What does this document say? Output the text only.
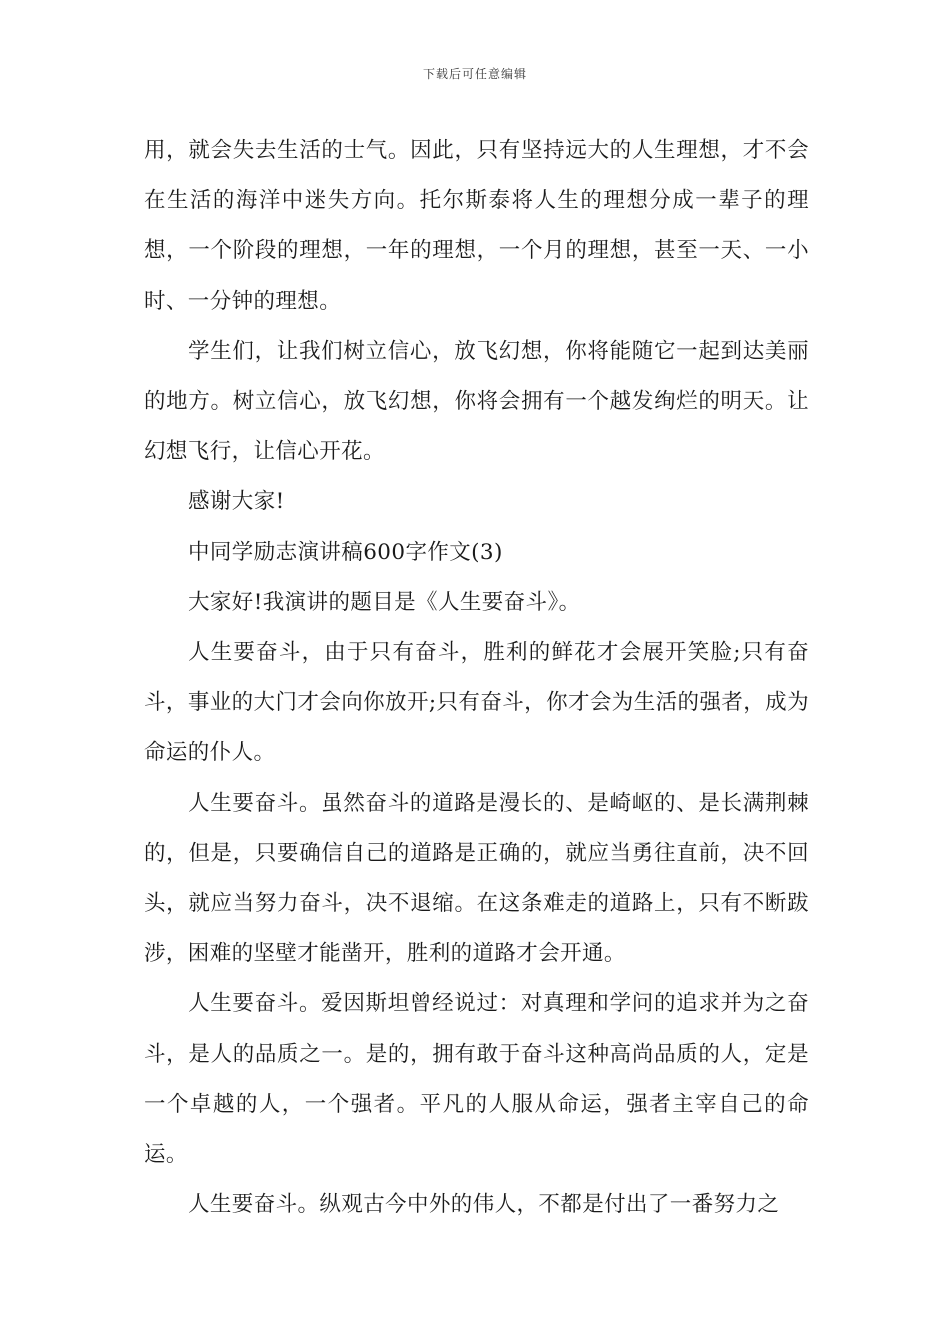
下载后可任意编辑

用，就会失去生活的士气。因此，只有坚持远大的人生理想，才不会在生活的海洋中迷失方向。托尔斯泰将人生的理想分成一辈子的理想，一个阶段的理想，一年的理想，一个月的理想，甚至一天、一小时、一分钟的理想。

学生们，让我们树立信心，放飞幻想，你将能随它一起到达美丽的地方。树立信心，放飞幻想，你将会拥有一个越发绚烂的明天。让幻想飞行，让信心开花。

感谢大家!

中同学励志演讲稿600字作文(3)

大家好!我演讲的题目是《人生要奋斗》。

人生要奋斗，由于只有奋斗，胜利的鲜花才会展开笑脸;只有奋斗，事业的大门才会向你放开;只有奋斗，你才会为生活的强者，成为命运的仆人。

人生要奋斗。虽然奋斗的道路是漫长的、是崎岖的、是长满荆棘的，但是，只要确信自己的道路是正确的，就应当勇往直前，决不回头，就应当努力奋斗，决不退缩。在这条难走的道路上，只有不断跋涉，困难的坚壁才能凿开，胜利的道路才会开通。

人生要奋斗。爱因斯坦曾经说过：对真理和学问的追求并为之奋斗，是人的品质之一。是的，拥有敢于奋斗这种高尚品质的人，定是一个卓越的人，一个强者。平凡的人服从命运，强者主宰自己的命运。

人生要奋斗。纵观古今中外的伟人，不都是付出了一番努力之
